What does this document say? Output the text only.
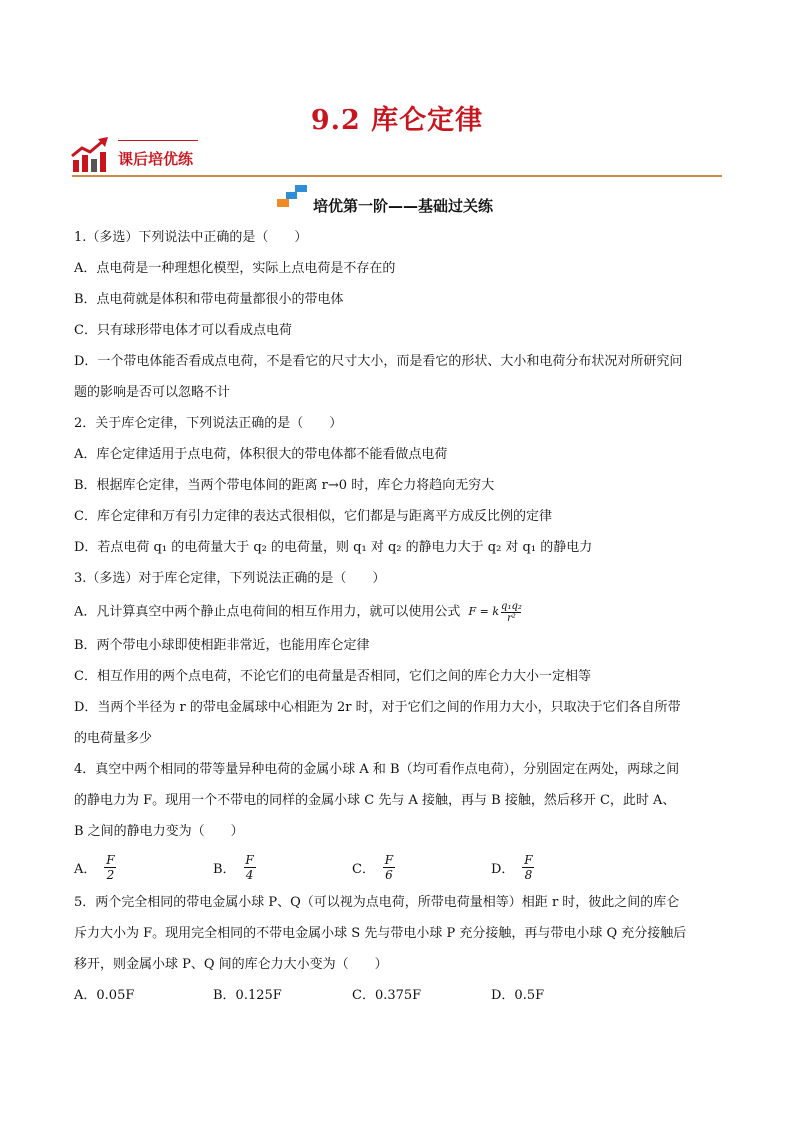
9.2 库仑定律
课后培优练
培优第一阶——基础过关练
1.（多选）下列说法中正确的是（　　）
A．点电荷是一种理想化模型，实际上点电荷是不存在的
B．点电荷就是体积和带电荷量都很小的带电体
C．只有球形带电体才可以看成点电荷
D．一个带电体能否看成点电荷，不是看它的尺寸大小，而是看它的形状、大小和电荷分布状况对所研究问
题的影响是否可以忽略不计
2．关于库仑定律，下列说法正确的是（　　）
A．库仑定律适用于点电荷，体积很大的带电体都不能看做点电荷
B．根据库仑定律，当两个带电体间的距离 r→0 时，库仑力将趋向无穷大
C．库仑定律和万有引力定律的表达式很相似，它们都是与距离平方成反比例的定律
D．若点电荷 q₁ 的电荷量大于 q₂ 的电荷量，则 q₁ 对 q₂ 的静电力大于 q₂ 对 q₁ 的静电力
3.（多选）对于库仑定律，下列说法正确的是（　　）
A．凡计算真空中两个静止点电荷间的相互作用力，就可以使用公式 F = k q₁q₂
r²
B．两个带电小球即使相距非常近，也能用库仑定律
C．相互作用的两个点电荷，不论它们的电荷量是否相同，它们之间的库仑力大小一定相等
D．当两个半径为 r 的带电金属球中心相距为 2r 时，对于它们之间的作用力大小，只取决于它们各自所带
的电荷量多少
4．真空中两个相同的带等量异种电荷的金属小球 A 和 B（均可看作点电荷），分别固定在两处，两球之间
的静电力为 F。现用一个不带电的同样的金属小球 C 先与 A 接触，再与 B 接触，然后移开 C，此时 A、
B 之间的静电力变为（　　）
A． $\frac{F}{2}$	B． $\frac{F}{4}$	C． $\frac{F}{6}$	D． $\frac{F}{8}$
5．两个完全相同的带电金属小球 P、Q（可以视为点电荷，所带电荷量相等）相距 r 时，彼此之间的库仑
斥力大小为 F。现用完全相同的不带电金属小球 S 先与带电小球 P 充分接触，再与带电小球 Q 充分接触后
移开，则金属小球 P、Q 间的库仑力大小变为（　　）
A．0.05F	B．0.125F	C．0.375F	D．0.5F
